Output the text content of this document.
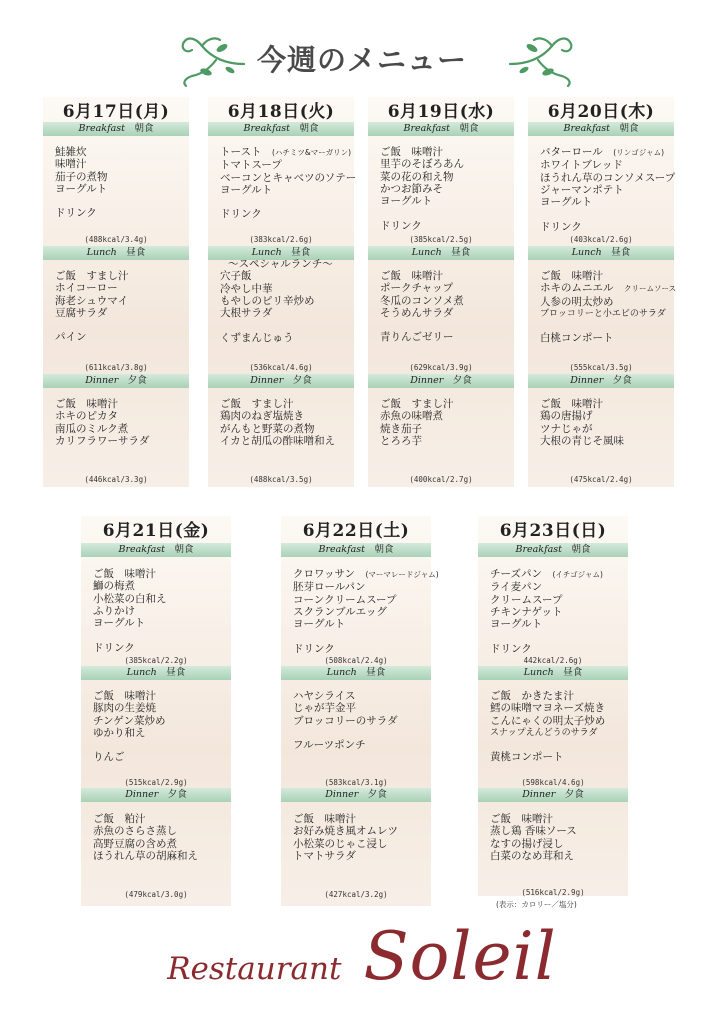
今週のメニュー
6月17日(月)
Breakfast　 朝食
鮭雑炊
味噌汁
茄子の煮物
ヨーグルト
ドリンク
(488kcal/3.4g)
Lunch　 昼食
ご飯　すまし汁
ホイコーロー
海老シュウマイ
豆腐サラダ
パイン
(611kcal/3.8g)
Dinner　 夕食
ご飯　味噌汁
ホキのピカタ
南瓜のミルク煮
カリフラワーサラダ
(446kcal/3.3g)
6月18日(火)
Breakfast　 朝食
トースト　 (ハチミツ&マーガリン)
トマトスープ
ベーコンとキャベツのソテー
ヨーグルト
ドリンク
(383kcal/2.6g)
Lunch　 昼食
～スペシャルランチ～
穴子飯
冷やし中華
もやしのピリ辛炒め
大根サラダ
くずまんじゅう
(536kcal/4.6g)
Dinner　 夕食
ご飯　すまし汁
鶏肉のねぎ塩焼き
がんもと野菜の煮物
イカと胡瓜の酢味噌和え
(488kcal/3.5g)
6月19日(水)
Breakfast　 朝食
ご飯　味噌汁
里芋のそぼろあん
菜の花の和え物
かつお節みそ
ヨーグルト
ドリンク
(385kcal/2.5g)
Lunch　 昼食
ご飯　味噌汁
ポークチャップ
冬瓜のコンソメ煮
そうめんサラダ
青りんごゼリー
(629kcal/3.9g)
Dinner　 夕食
ご飯　すまし汁
赤魚の味噌煮
焼き茄子
とろろ芋
(400kcal/2.7g)
6月20日(木)
Breakfast　 朝食
バターロール　 (リンゴジャム)
ホワイトブレッド
ほうれん草のコンソメスープ
ジャーマンポテト
ヨーグルト
ドリンク
(403kcal/2.6g)
Lunch　 昼食
ご飯　味噌汁
ホキのムニエル　 クリームソース
人参の明太炒め
ブロッコリーと小エビのサラダ
白桃コンポート
(555kcal/3.5g)
Dinner　 夕食
ご飯　味噌汁
鶏の唐揚げ
ツナじゃが
大根の青じそ風味
(475kcal/2.4g)
6月21日(金)
Breakfast　 朝食
ご飯　味噌汁
鰤の梅煮
小松菜の白和え
ふりかけ
ヨーグルト
ドリンク
(385kcal/2.2g)
Lunch　 昼食
ご飯　味噌汁
豚肉の生姜焼
チンゲン菜炒め
ゆかり和え
りんご
(515kcal/2.9g)
Dinner　 夕食
ご飯　粕汁
赤魚のさらさ蒸し
高野豆腐の含め煮
ほうれん草の胡麻和え
(479kcal/3.0g)
6月22日(土)
Breakfast　 朝食
クロワッサン　 (マーマレードジャム)
胚芽ロールパン
コーンクリームスープ
スクランブルエッグ
ヨーグルト
ドリンク
(508kcal/2.4g)
Lunch　 昼食
ハヤシライス
じゃが芋金平
ブロッコリーのサラダ
フルーツポンチ
(583kcal/3.1g)
Dinner　 夕食
ご飯　味噌汁
お好み焼き風オムレツ
小松菜のじゃこ浸し
トマトサラダ
(427kcal/3.2g)
6月23日(日)
Breakfast　 朝食
チーズパン　 (イチゴジャム)
ライ麦パン
クリームスープ
チキンナゲット
ヨーグルト
ドリンク
442kcal/2.6g)
Lunch　 昼食
ご飯　かきたま汁
鱈の味噌マヨネーズ焼き
こんにゃくの明太子炒め
スナップえんどうのサラダ
黄桃コンポート
(598kcal/4.6g)
Dinner　 夕食
ご飯　味噌汁
蒸し鶏 香味ソース
なすの揚げ浸し
白菜のなめ茸和え
(516kcal/2.9g)
(表示：カロリー／塩分)
Restaurant Soleil
